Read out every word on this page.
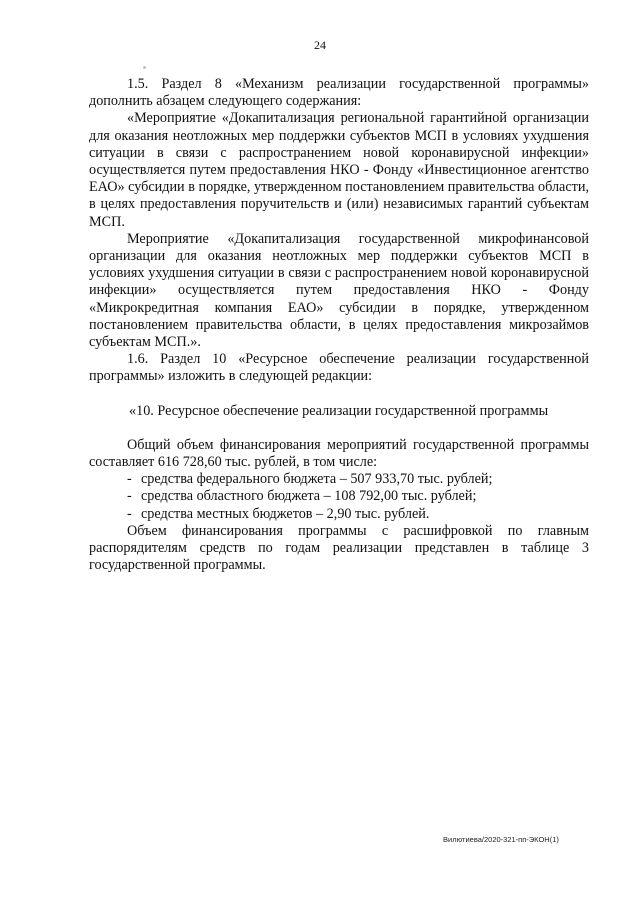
24

1.5. Раздел 8 «Механизм реализации государственной программы» дополнить абзацем следующего содержания:

«Мероприятие «Докапитализация региональной гарантийной организации для оказания неотложных мер поддержки субъектов МСП в условиях ухудшения ситуации в связи с распространением новой коронавирусной инфекции» осуществляется путем предоставления НКО - Фонду «Инвестиционное агентство ЕАО» субсидии в порядке, утвержденном постановлением правительства области, в целях предоставления поручительств и (или) независимых гарантий субъектам МСП.

Мероприятие «Докапитализация государственной микрофинансовой организации для оказания неотложных мер поддержки субъектов МСП в условиях ухудшения ситуации в связи с распространением новой коронавирусной инфекции» осуществляется путем предоставления НКО - Фонду «Микрокредитная компания ЕАО» субсидии в порядке, утвержденном постановлением правительства области, в целях предоставления микрозаймов субъектам МСП.».

1.6. Раздел 10 «Ресурсное обеспечение реализации государственной программы» изложить в следующей редакции:

«10. Ресурсное обеспечение реализации государственной программы

Общий объем финансирования мероприятий государственной программы составляет 616 728,60 тыс. рублей, в том числе:

- средства федерального бюджета – 507 933,70 тыс. рублей;
- средства областного бюджета – 108 792,00 тыс. рублей;
- средства местных бюджетов – 2,90 тыс. рублей.

Объем финансирования программы с расшифровкой по главным распорядителям средств по годам реализации представлен в таблице 3 государственной программы.

Вилютиева/2020-321-пп-ЭКОН(1)
